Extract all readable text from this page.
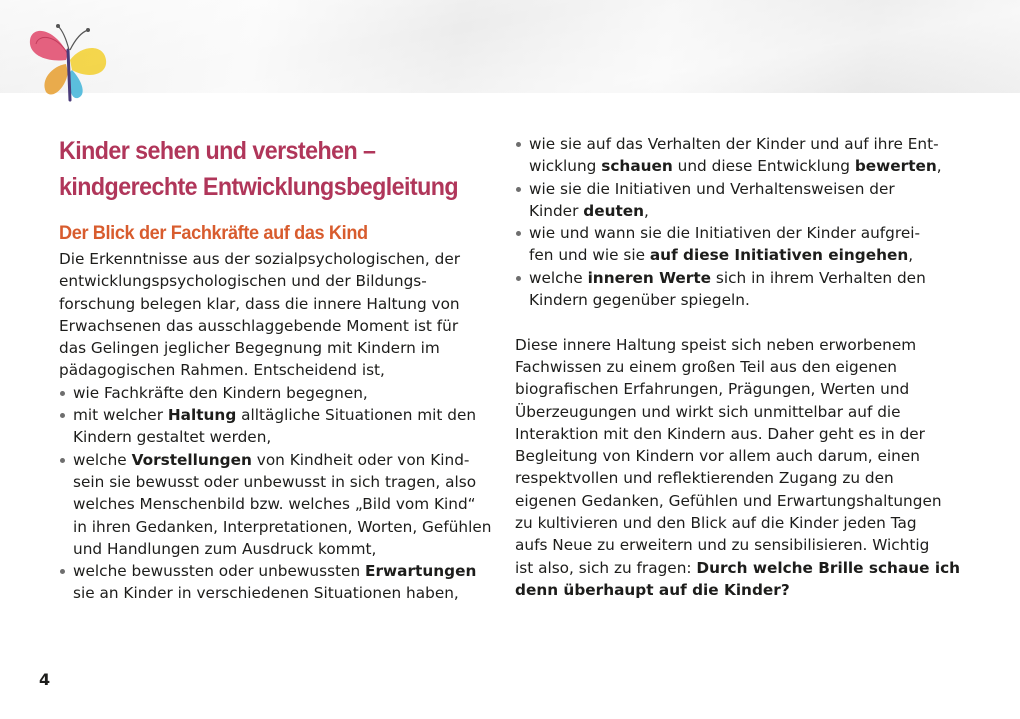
Kinder sehen und verstehen –
kindgerechte Entwicklungsbegleitung
Der Blick der Fachkräfte auf das Kind
Die Erkenntnisse aus der sozialpsychologischen, der
entwicklungspsychologischen und der Bildungs-
forschung belegen klar, dass die innere Haltung von
Erwachsenen das ausschlaggebende Moment ist für
das Gelingen jeglicher Begegnung mit Kindern im
pädagogischen Rahmen. Entscheidend ist,
wie Fachkräfte den Kindern begegnen,
mit welcher Haltung alltägliche Situationen mit den
Kindern gestaltet werden,
welche Vorstellungen von Kindheit oder von Kind-
sein sie bewusst oder unbewusst in sich tragen, also
welches Menschenbild bzw. welches „Bild vom Kind“
in ihren Gedanken, Interpretationen, Worten, Gefühlen
und Handlungen zum Ausdruck kommt,
welche bewussten oder unbewussten Erwartungen
sie an Kinder in verschiedenen Situationen haben,
wie sie auf das Verhalten der Kinder und auf ihre Ent-
wicklung schauen und diese Entwicklung bewerten,
wie sie die Initiativen und Verhaltensweisen der
Kinder deuten,
wie und wann sie die Initiativen der Kinder aufgrei-
fen und wie sie auf diese Initiativen eingehen,
welche inneren Werte sich in ihrem Verhalten den
Kindern gegenüber spiegeln.
Diese innere Haltung speist sich neben erworbenem
Fachwissen zu einem großen Teil aus den eigenen
biografischen Erfahrungen, Prägungen, Werten und
Überzeugungen und wirkt sich unmittelbar auf die
Interaktion mit den Kindern aus. Daher geht es in der
Begleitung von Kindern vor allem auch darum, einen
respektvollen und reflektierenden Zugang zu den
eigenen Gedanken, Gefühlen und Erwartungshaltungen
zu kultivieren und den Blick auf die Kinder jeden Tag
aufs Neue zu erweitern und zu sensibilisieren. Wichtig
ist also, sich zu fragen: Durch welche Brille schaue ich
denn überhaupt auf die Kinder?
4
